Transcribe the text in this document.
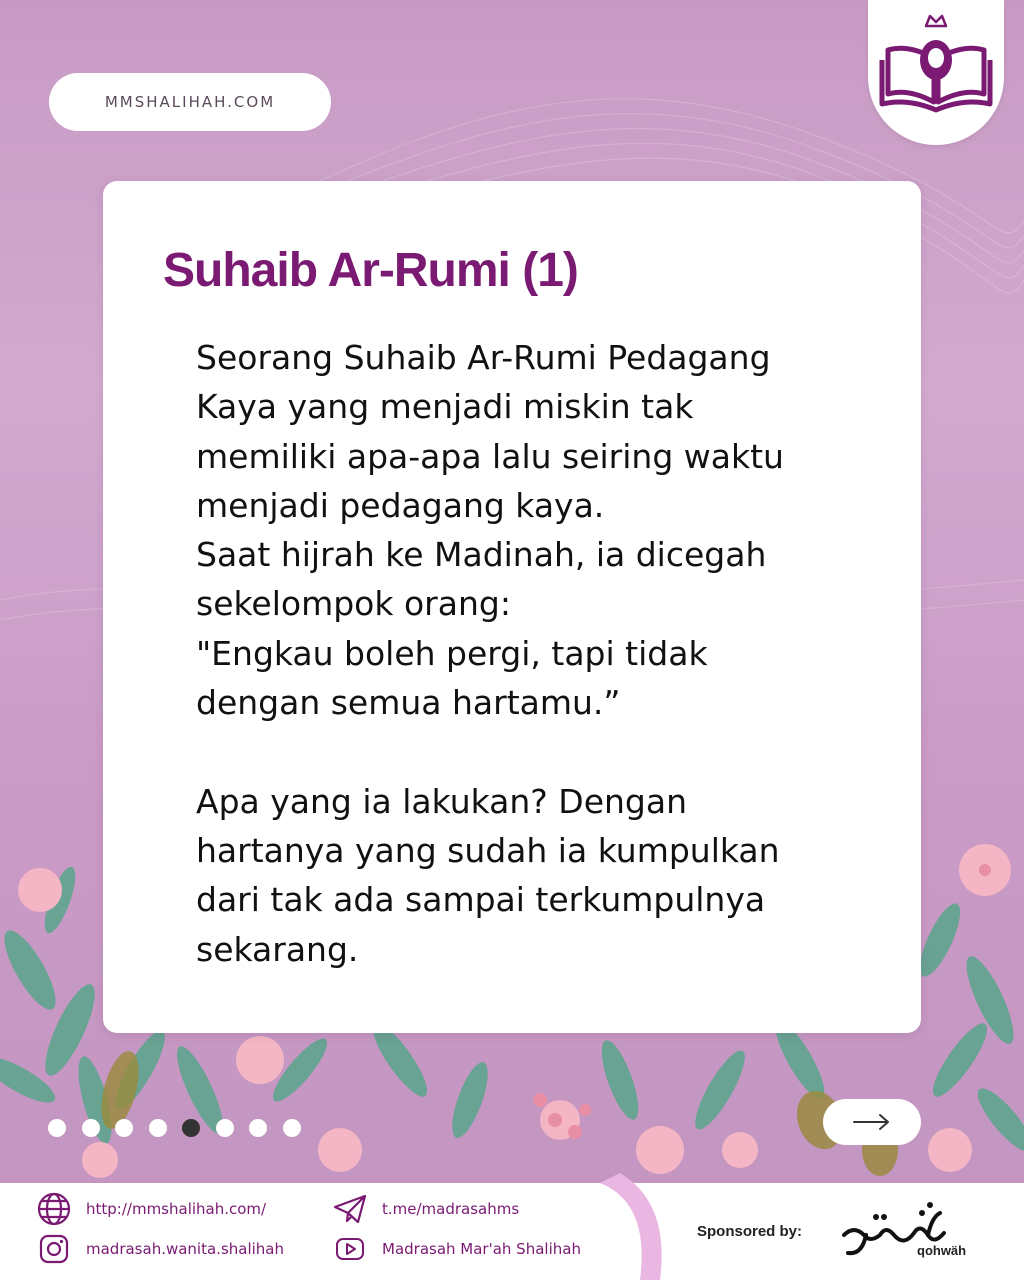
MMSHALIHAH.COM
Suhaib Ar-Rumi (1)
Seorang Suhaib Ar-Rumi Pedagang
Kaya yang menjadi miskin tak
memiliki apa-apa lalu seiring waktu
menjadi pedagang kaya.
Saat hijrah ke Madinah, ia dicegah
sekelompok orang:
"Engkau boleh pergi, tapi tidak
dengan semua hartamu.”

Apa yang ia lakukan? Dengan
hartanya yang sudah ia kumpulkan
dari tak ada sampai terkumpulnya
sekarang.
http://mmshalihah.com/
madrasah.wanita.shalihah
t.me/madrasahms
Madrasah Mar'ah Shalihah
Sponsored by:
qohwäh
